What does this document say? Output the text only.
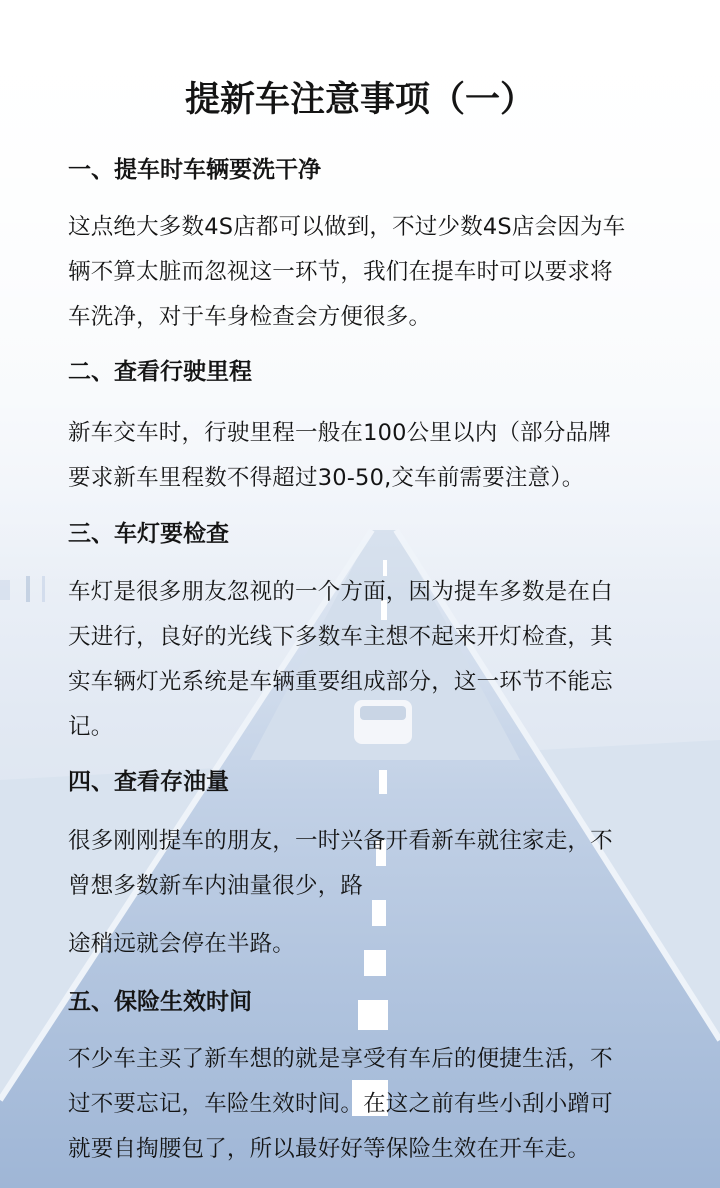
提新车注意事项（一）
一、提车时车辆要洗干净

这点绝大多数4S店都可以做到，不过少数4S店会因为车
辆不算太脏而忽视这一环节，我们在提车时可以要求将
车洗净，对于车身检查会方便很多。

二、查看行驶里程

新车交车时，行驶里程一般在100公里以内（部分品牌
要求新车里程数不得超过30-50,交车前需要注意）。

三、车灯要检查

车灯是很多朋友忽视的一个方面，因为提车多数是在白
天进行，良好的光线下多数车主想不起来开灯检查，其
实车辆灯光系统是车辆重要组成部分，这一环节不能忘
记。

四、查看存油量

很多刚刚提车的朋友，一时兴备开看新车就往家走，不
曾想多数新车内油量很少，路

途稍远就会停在半路。

五、保险生效时间

不少车主买了新车想的就是享受有车后的便捷生活，不
过不要忘记，车险生效时间。在这之前有些小刮小蹭可
就要自掏腰包了，所以最好好等保险生效在开车走。
